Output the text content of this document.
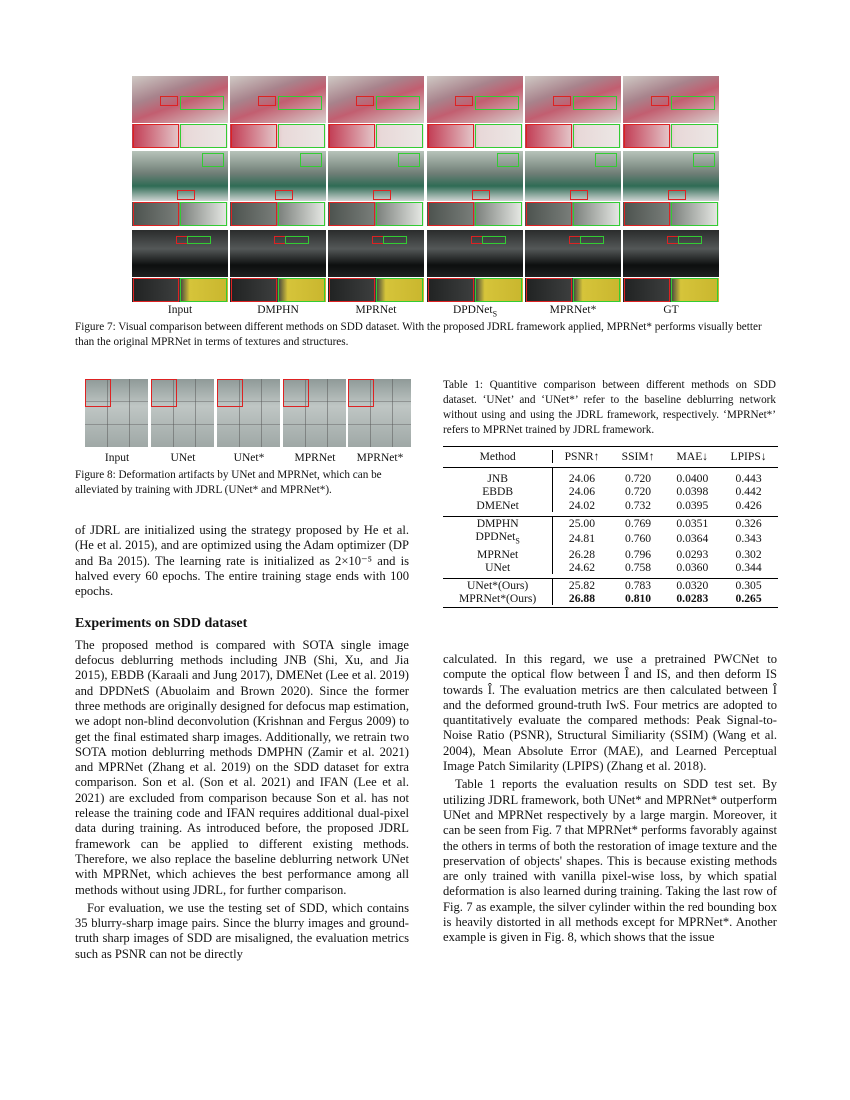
Input	DMPHN	MPRNet	DPDNet$_S$	MPRNet*	GT
Figure 7: Visual comparison between different methods on SDD dataset. With the proposed JDRL framework applied, MPRNet* performs visually better than the original MPRNet in terms of textures and structures.
Input	UNet	UNet*	MPRNet	MPRNet*
Figure 8: Deformation artifacts by UNet and MPRNet, which can be alleviated by training with JDRL (UNet* and MPRNet*).

of JDRL are initialized using the strategy proposed by He et al. (He et al. 2015), and are optimized using the Adam optimizer (DP and Ba 2015). The learning rate is initialized as 2×10⁻⁵ and is halved every 60 epochs. The entire training stage ends with 100 epochs.

Experiments on SDD dataset

The proposed method is compared with SOTA single image defocus deblurring methods including JNB (Shi, Xu, and Jia 2015), EBDB (Karaali and Jung 2017), DMENet (Lee et al. 2019) and DPDNetS (Abuolaim and Brown 2020). Since the former three methods are originally designed for defocus map estimation, we adopt non-blind deconvolution (Krishnan and Fergus 2009) to get the final estimated sharp images. Additionally, we retrain two SOTA motion deblurring methods DMPHN (Zamir et al. 2021) and MPRNet (Zhang et al. 2019) on the SDD dataset for extra comparison. Son et al. (Son et al. 2021) and IFAN (Lee et al. 2021) are excluded from comparison because Son et al. has not release the training code and IFAN requires additional dual-pixel data during training. As introduced before, the proposed JDRL framework can be applied to different existing methods. Therefore, we also replace the baseline deblurring network UNet with MPRNet, which achieves the best performance among all methods without using JDRL, for further comparison.

For evaluation, we use the testing set of SDD, which contains 35 blurry-sharp image pairs. Since the blurry images and ground-truth sharp images of SDD are misaligned, the evaluation metrics such as PSNR can not be directly

Table 1: Quantitive comparison between different methods on SDD dataset. ‘UNet’ and ‘UNet*’ refer to the baseline deblurring network without using and using the JDRL framework, respectively. ‘MPRNet*’ refers to MPRNet trained by JDRL framework.
Method	PSNR↑	SSIM↑	MAE↓	LPIPS↓

JNB	24.06	0.720	0.0400	0.443
EBDB	24.06	0.720	0.0398	0.442
DMENet	24.02	0.732	0.0395	0.426

DMPHN	25.00	0.769	0.0351	0.326
DPDNet$_S$	24.81	0.760	0.0364	0.343
MPRNet	26.28	0.796	0.0293	0.302
UNet	24.62	0.758	0.0360	0.344

UNet*(Ours)	25.82	0.783	0.0320	0.305
MPRNet*(Ours)	26.88	0.810	0.0283	0.265

calculated. In this regard, we use a pretrained PWCNet to compute the optical flow between Î and IS, and then deform IS towards Î. The evaluation metrics are then calculated between Î and the deformed ground-truth IwS. Four metrics are adopted to quantitatively evaluate the compared methods: Peak Signal-to-Noise Ratio (PSNR), Structural Similiarity (SSIM) (Wang et al. 2004), Mean Absolute Error (MAE), and Learned Perceptual Image Patch Similarity (LPIPS) (Zhang et al. 2018).

Table 1 reports the evaluation results on SDD test set. By utilizing JDRL framework, both UNet* and MPRNet* outperform UNet and MPRNet respectively by a large margin. Moreover, it can be seen from Fig. 7 that MPRNet* performs favorably against the others in terms of both the restoration of image texture and the preservation of objects' shapes. This is because existing methods are only trained with vanilla pixel-wise loss, by which spatial deformation is also learned during training. Taking the last row of Fig. 7 as example, the silver cylinder within the red bounding box is heavily distorted in all methods except for MPRNet*. Another example is given in Fig. 8, which shows that the issue
